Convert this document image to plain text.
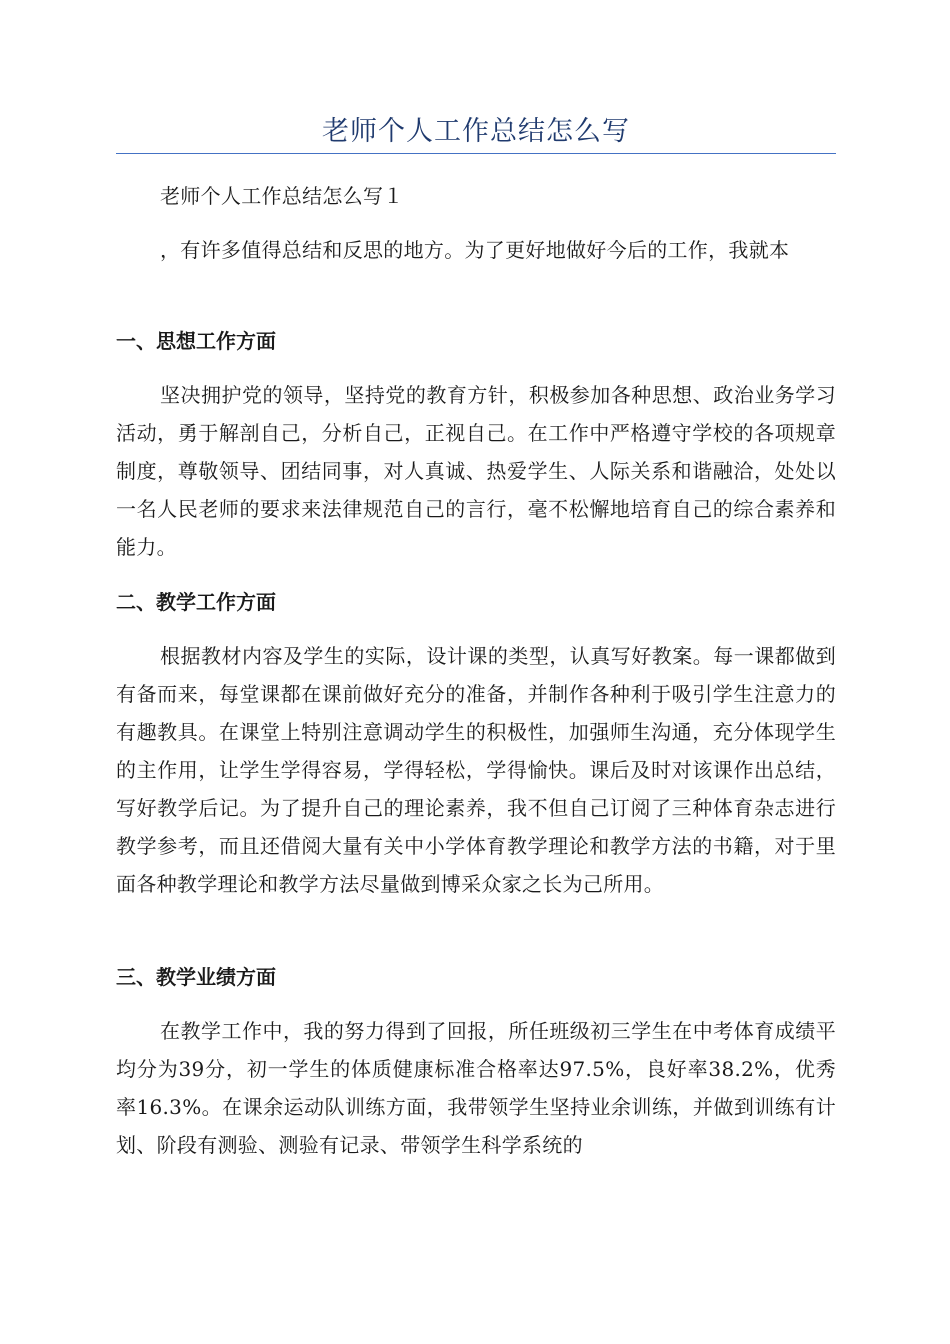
老师个人工作总结怎么写

老师个人工作总结怎么写１

，有许多值得总结和反思的地方。为了更好地做好今后的工作，我就本

一、思想工作方面

坚决拥护党的领导，坚持党的教育方针，积极参加各种思想、政治业务学习活动，勇于解剖自己，分析自己，正视自己。在工作中严格遵守学校的各项规章制度，尊敬领导、团结同事，对人真诚、热爱学生、人际关系和谐融洽，处处以一名人民老师的要求来法律规范自己的言行，毫不松懈地培育自己的综合素养和能力。

二、教学工作方面

根据教材内容及学生的实际，设计课的类型，认真写好教案。每一课都做到有备而来，每堂课都在课前做好充分的准备，并制作各种利于吸引学生注意力的有趣教具。在课堂上特别注意调动学生的积极性，加强师生沟通，充分体现学生的主作用，让学生学得容易，学得轻松，学得愉快。课后及时对该课作出总结，写好教学后记。为了提升自己的理论素养，我不但自己订阅了三种体育杂志进行教学参考，而且还借阅大量有关中小学体育教学理论和教学方法的书籍，对于里面各种教学理论和教学方法尽量做到博采众家之长为己所用。

三、教学业绩方面

在教学工作中，我的努力得到了回报，所任班级初三学生在中考体育成绩平均分为39分，初一学生的体质健康标准合格率达97.5%，良好率38.2%，优秀率16.3%。在课余运动队训练方面，我带领学生坚持业余训练，并做到训练有计划、阶段有测验、测验有记录、带领学生科学系统的
